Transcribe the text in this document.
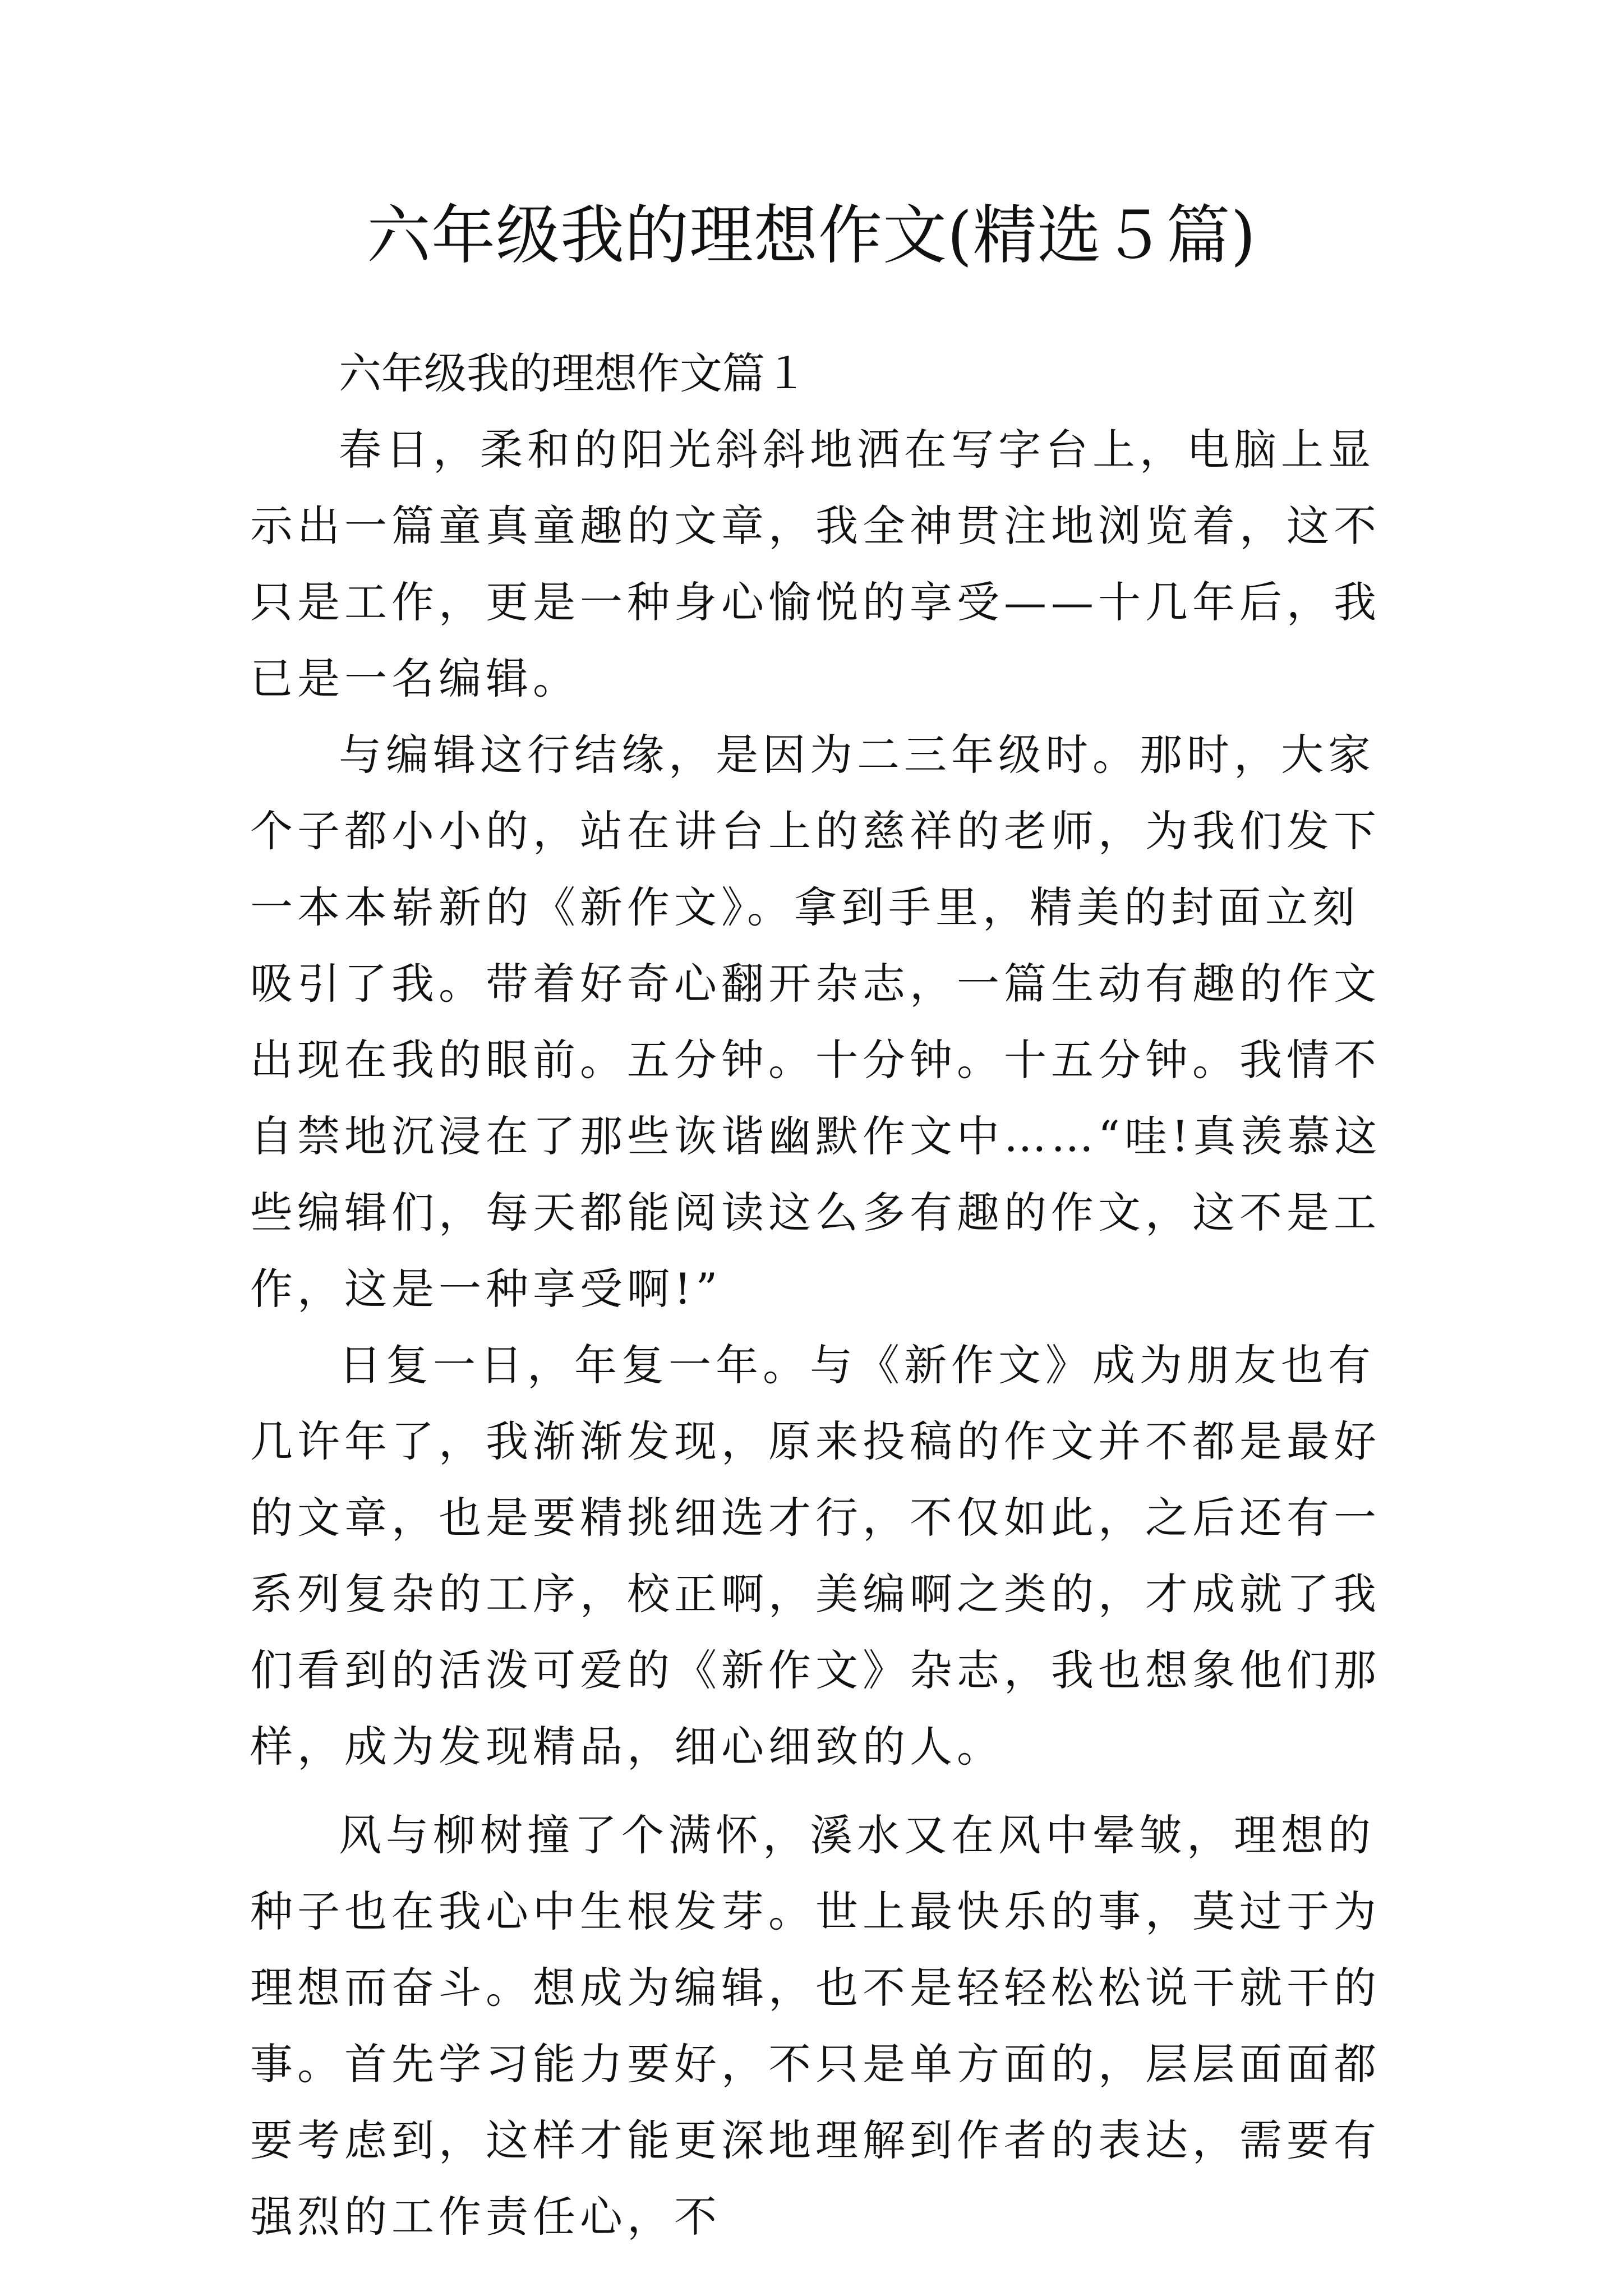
六年级我的理想作文(精选５篇)

六年级我的理想作文篇１

春日，柔和的阳光斜斜地洒在写字台上，电脑上显示出一篇童真童趣的文章，我全神贯注地浏览着，这不只是工作，更是一种身心愉悦的享受——十几年后，我已是一名编辑。

与编辑这行结缘，是因为二三年级时。那时，大家个子都小小的，站在讲台上的慈祥的老师，为我们发下一本本崭新的《新作文》。拿到手里，精美的封面立刻吸引了我。带着好奇心翻开杂志，一篇生动有趣的作文出现在我的眼前。五分钟。十分钟。十五分钟。我情不自禁地沉浸在了那些诙谐幽默作文中……“哇!真羡慕这些编辑们，每天都能阅读这么多有趣的作文，这不是工作，这是一种享受啊!”

日复一日，年复一年。与《新作文》成为朋友也有几许年了，我渐渐发现，原来投稿的作文并不都是最好的文章，也是要精挑细选才行，不仅如此，之后还有一系列复杂的工序，校正啊，美编啊之类的，才成就了我们看到的活泼可爱的《新作文》杂志，我也想象他们那样，成为发现精品，细心细致的人。

风与柳树撞了个满怀，溪水又在风中晕皱，理想的种子也在我心中生根发芽。世上最快乐的事，莫过于为理想而奋斗。想成为编辑，也不是轻轻松松说干就干的事。首先学习能力要好，不只是单方面的，层层面面都要考虑到，这样才能更深地理解到作者的表达，需要有强烈的工作责任心，不
